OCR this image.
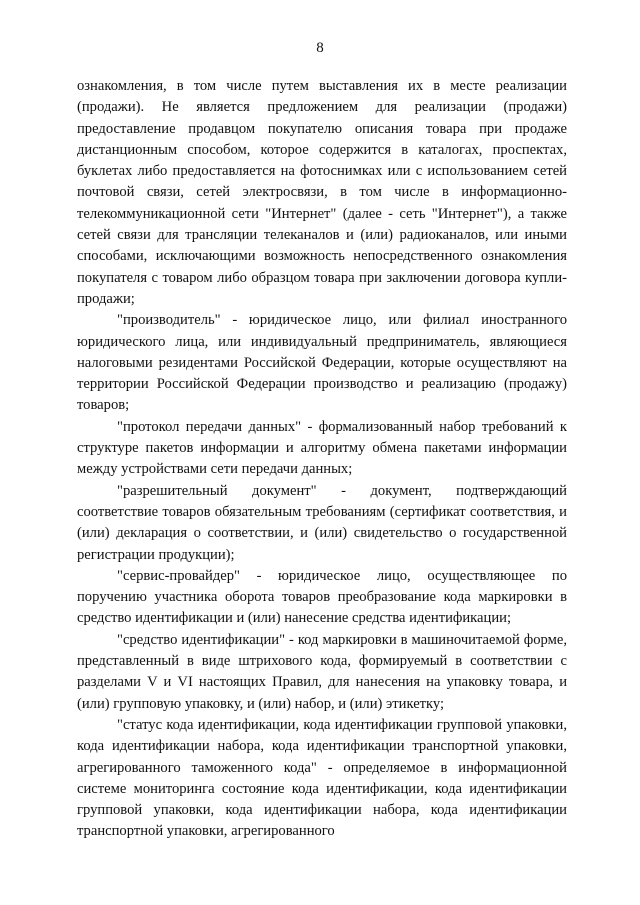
8

ознакомления, в том числе путем выставления их в месте реализации (продажи). Не является предложением для реализации (продажи) предоставление продавцом покупателю описания товара при продаже дистанционным способом, которое содержится в каталогах, проспектах, буклетах либо предоставляется на фотоснимках или с использованием сетей почтовой связи, сетей электросвязи, в том числе в информационно-телекоммуникационной сети "Интернет" (далее - сеть "Интернет"), а также сетей связи для трансляции телеканалов и (или) радиоканалов, или иными способами, исключающими возможность непосредственного ознакомления покупателя с товаром либо образцом товара при заключении договора купли-продажи;

"производитель" - юридическое лицо, или филиал иностранного юридического лица, или индивидуальный предприниматель, являющиеся налоговыми резидентами Российской Федерации, которые осуществляют на территории Российской Федерации производство и реализацию (продажу) товаров;

"протокол передачи данных" - формализованный набор требований к структуре пакетов информации и алгоритму обмена пакетами информации между устройствами сети передачи данных;

"разрешительный документ" - документ, подтверждающий соответствие товаров обязательным требованиям (сертификат соответствия, и (или) декларация о соответствии, и (или) свидетельство о государственной регистрации продукции);

"сервис-провайдер" - юридическое лицо, осуществляющее по поручению участника оборота товаров преобразование кода маркировки в средство идентификации и (или) нанесение средства идентификации;

"средство идентификации" - код маркировки в машиночитаемой форме, представленный в виде штрихового кода, формируемый в соответствии с разделами V и VI настоящих Правил, для нанесения на упаковку товара, и (или) групповую упаковку, и (или) набор, и (или) этикетку;

"статус кода идентификации, кода идентификации групповой упаковки, кода идентификации набора, кода идентификации транспортной упаковки, агрегированного таможенного кода" - определяемое в информационной системе мониторинга состояние кода идентификации, кода идентификации групповой упаковки, кода идентификации набора, кода идентификации транспортной упаковки, агрегированного
